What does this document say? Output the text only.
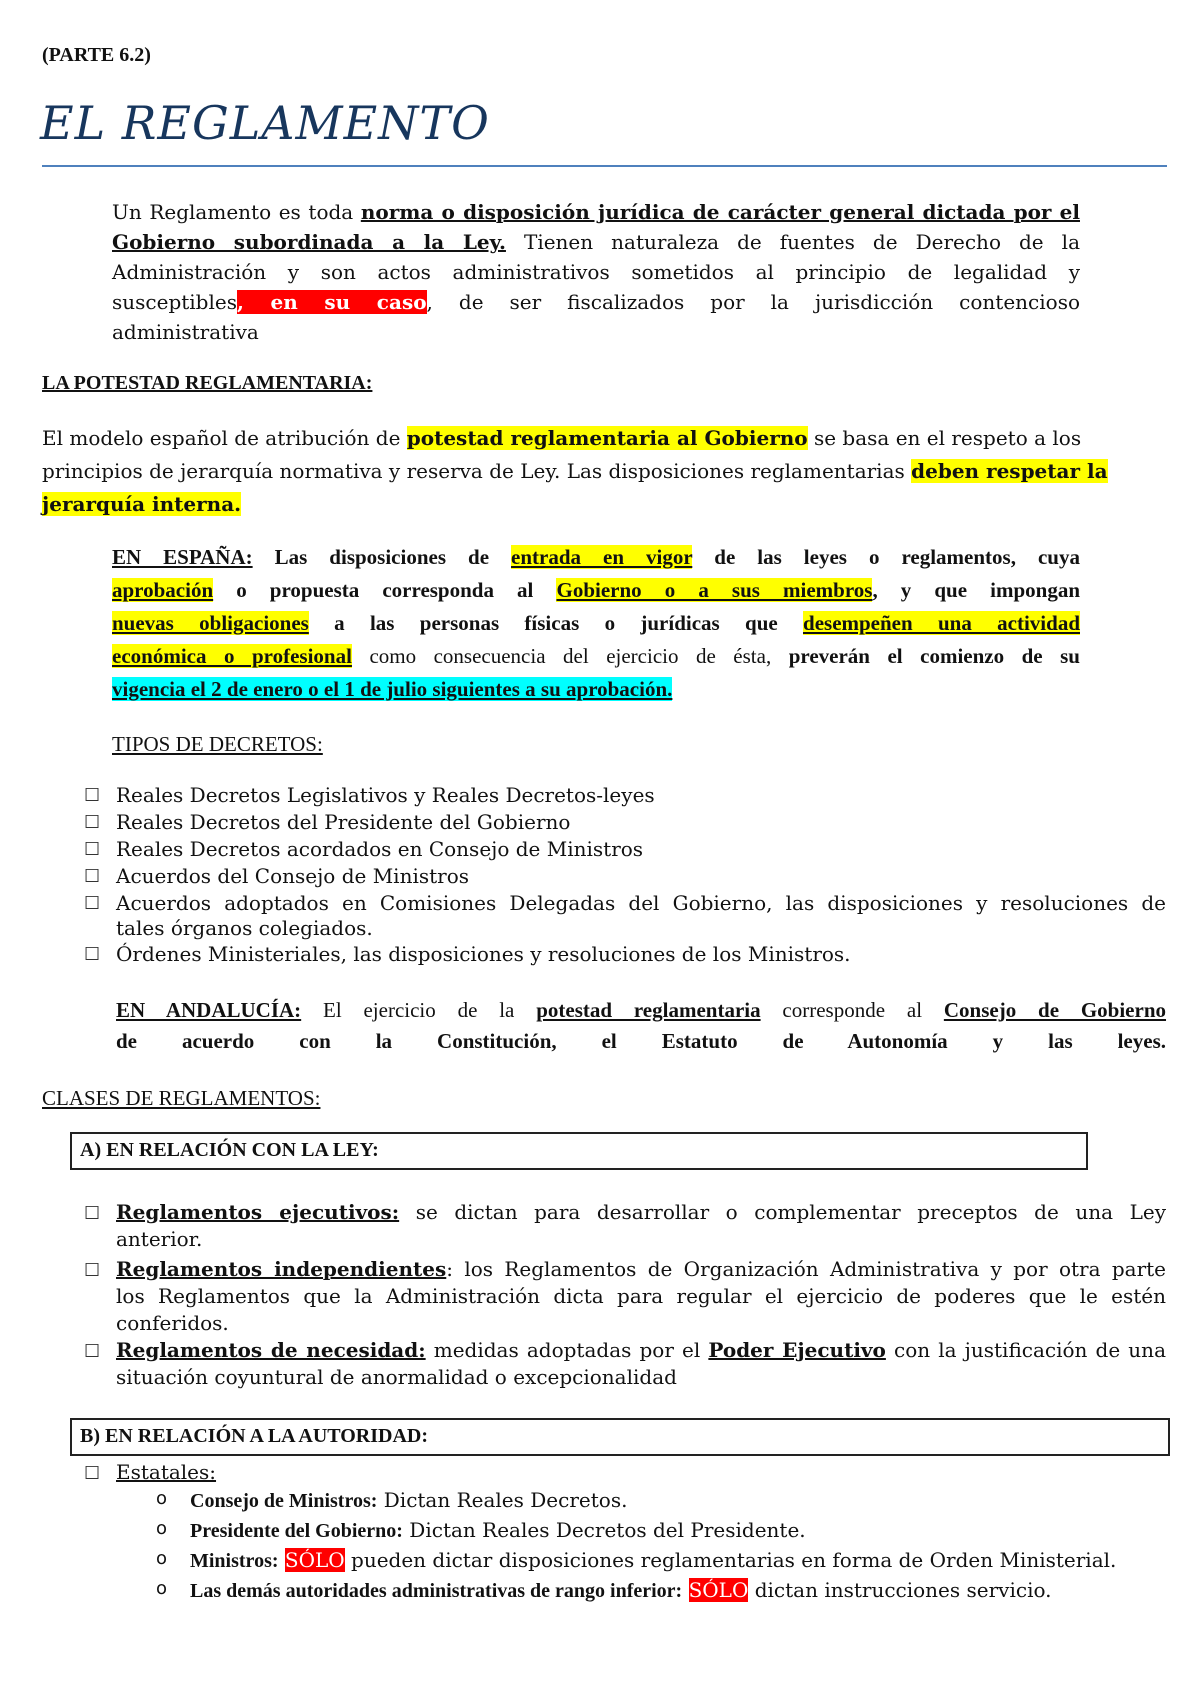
(PARTE 6.2)
EL REGLAMENTO
Un Reglamento es toda norma o disposición jurídica de carácter general dictada por el
Gobierno subordinada a la Ley. Tienen naturaleza de fuentes de Derecho de la
Administración y son actos administrativos sometidos al principio de legalidad y
susceptibles, en su caso, de ser fiscalizados por la jurisdicción contencioso
administrativa
LA POTESTAD REGLAMENTARIA:
El modelo español de atribución de potestad reglamentaria al Gobierno se basa en el respeto a los
principios de jerarquía normativa y reserva de Ley. Las disposiciones reglamentarias deben respetar la
jerarquía interna.
EN ESPAÑA: Las disposiciones de entrada en vigor de las leyes o reglamentos, cuya
aprobación o propuesta corresponda al Gobierno o a sus miembros, y que impongan
nuevas obligaciones a las personas físicas o jurídicas que desempeñen una actividad
económica o profesional como consecuencia del ejercicio de ésta, preverán el comienzo de su
vigencia el 2 de enero o el 1 de julio siguientes a su aprobación.
TIPOS DE DECRETOS:
☐ Reales Decretos Legislativos y Reales Decretos-leyes
☐ Reales Decretos del Presidente del Gobierno
☐ Reales Decretos acordados en Consejo de Ministros
☐ Acuerdos del Consejo de Ministros
☐ Acuerdos adoptados en Comisiones Delegadas del Gobierno, las disposiciones y resoluciones de
tales órganos colegiados.
☐ Órdenes Ministeriales, las disposiciones y resoluciones de los Ministros.
EN ANDALUCÍA: El ejercicio de la potestad reglamentaria corresponde al Consejo de Gobierno
de acuerdo con la Constitución, el Estatuto de Autonomía y las leyes.
CLASES DE REGLAMENTOS:
A) EN RELACIÓN CON LA LEY:
☐ Reglamentos ejecutivos: se dictan para desarrollar o complementar preceptos de una Ley
anterior.
☐ Reglamentos independientes: los Reglamentos de Organización Administrativa y por otra parte
los Reglamentos que la Administración dicta para regular el ejercicio de poderes que le estén
conferidos.
☐ Reglamentos de necesidad: medidas adoptadas por el Poder Ejecutivo con la justificación de una
situación coyuntural de anormalidad o excepcionalidad
B) EN RELACIÓN A LA AUTORIDAD:
☐ Estatales:
o Consejo de Ministros: Dictan Reales Decretos.
o Presidente del Gobierno: Dictan Reales Decretos del Presidente.
o Ministros: SÓLO pueden dictar disposiciones reglamentarias en forma de Orden Ministerial.
o Las demás autoridades administrativas de rango inferior: SÓLO dictan instrucciones servicio.
